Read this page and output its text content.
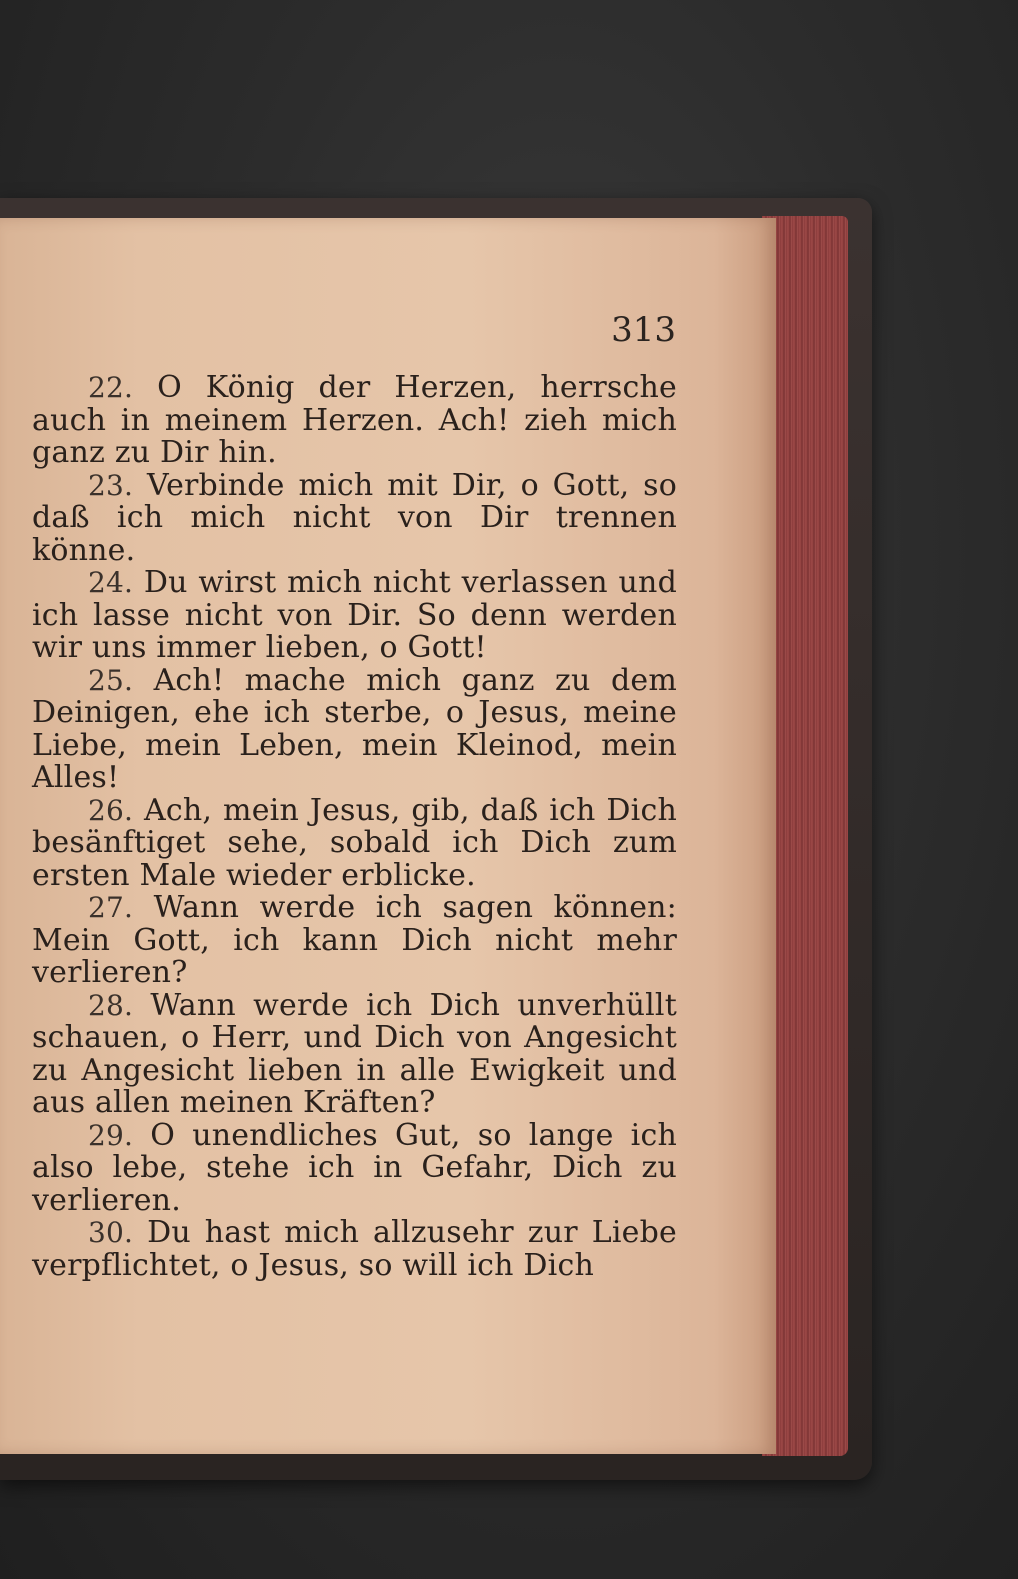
313

22. O König der Herzen, herrsche auch in meinem Herzen. Ach! zieh mich ganz zu Dir hin.

23. Verbinde mich mit Dir, o Gott, so daß ich mich nicht von Dir trennen könne.

24. Du wirst mich nicht verlassen und ich lasse nicht von Dir. So denn werden wir uns immer lieben, o Gott!

25. Ach! mache mich ganz zu dem Deinigen, ehe ich sterbe, o Jesus, meine Liebe, mein Leben, mein Kleinod, mein Alles!

26. Ach, mein Jesus, gib, daß ich Dich besänftiget sehe, sobald ich Dich zum ersten Male wieder erblicke.

27. Wann werde ich sagen können: Mein Gott, ich kann Dich nicht mehr verlieren?

28. Wann werde ich Dich unverhüllt schauen, o Herr, und Dich von Angesicht zu Angesicht lieben in alle Ewigkeit und aus allen meinen Kräften?

29. O unendliches Gut, so lange ich also lebe, stehe ich in Gefahr, Dich zu verlieren.

30. Du hast mich allzusehr zur Liebe verpflichtet, o Jesus, so will ich Dich
